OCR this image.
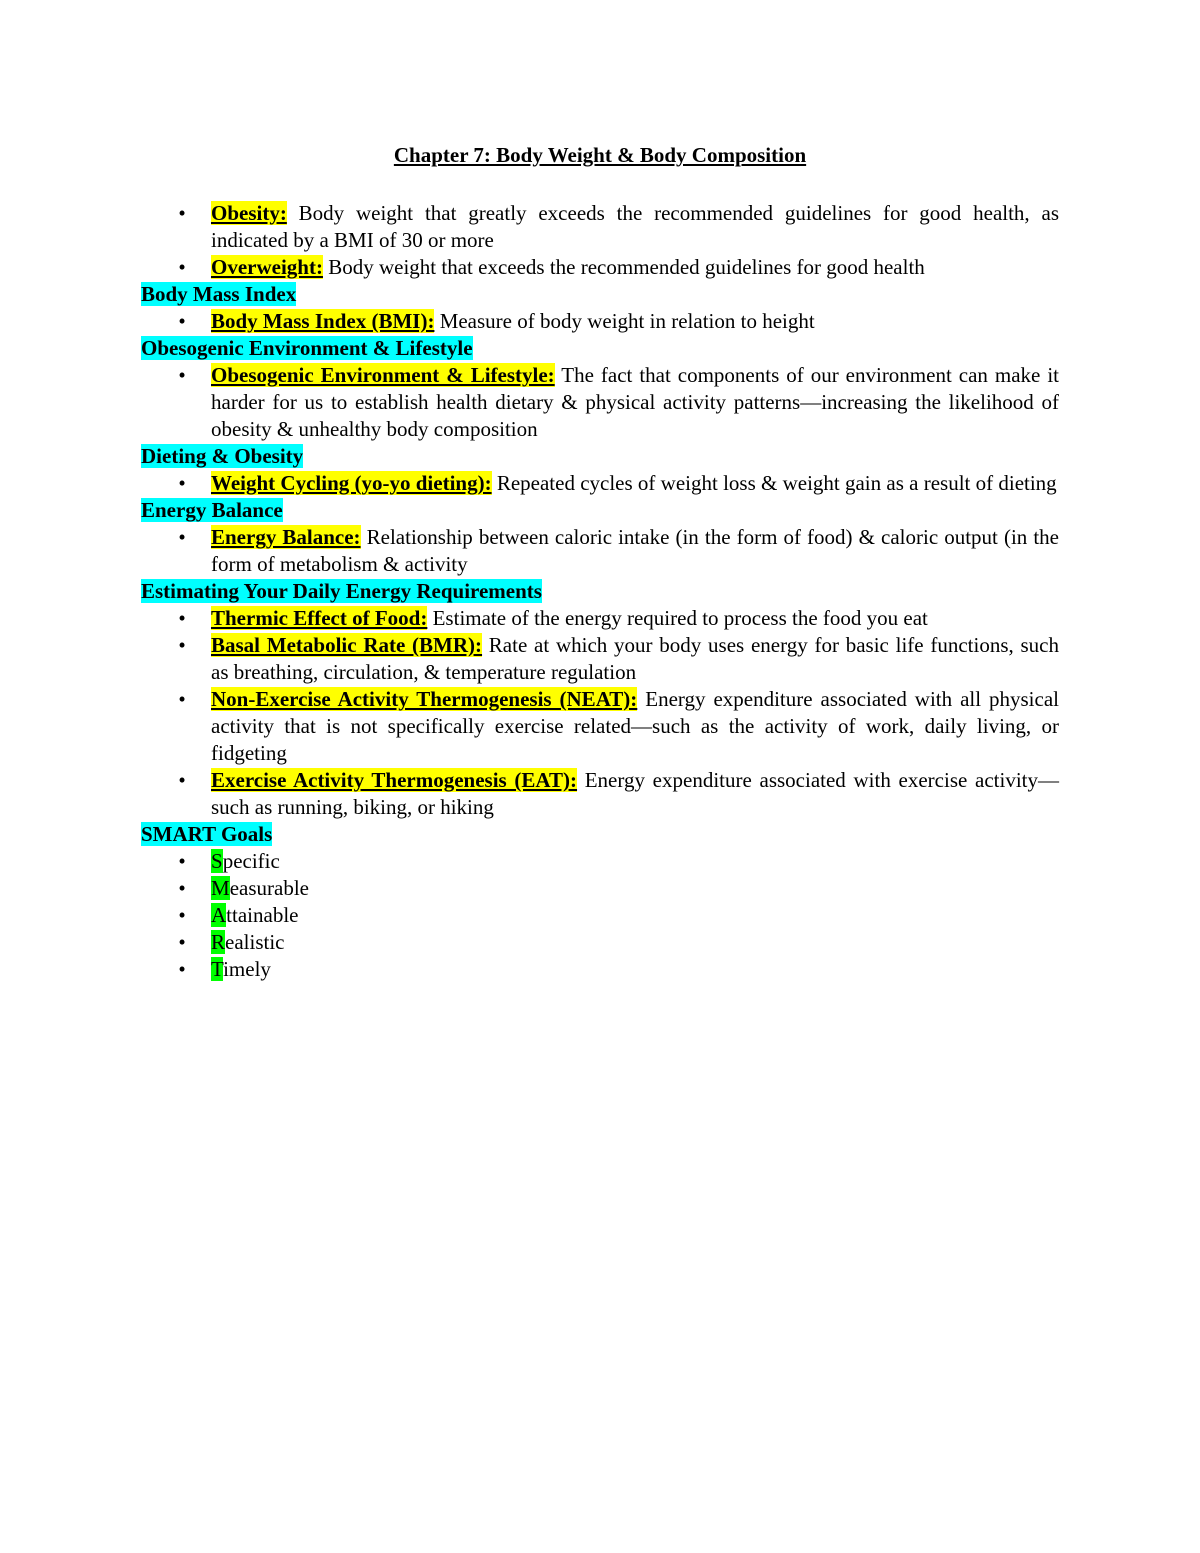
Chapter 7: Body Weight & Body Composition
• Obesity: Body weight that greatly exceeds the recommended guidelines for good health, as indicated by a BMI of 30 or more
• Overweight: Body weight that exceeds the recommended guidelines for good health
Body Mass Index
• Body Mass Index (BMI): Measure of body weight in relation to height
Obesogenic Environment & Lifestyle
• Obesogenic Environment & Lifestyle: The fact that components of our environment can make it harder for us to establish health dietary & physical activity patterns—increasing the likelihood of obesity & unhealthy body composition
Dieting & Obesity
• Weight Cycling (yo-yo dieting): Repeated cycles of weight loss & weight gain as a result of dieting
Energy Balance
• Energy Balance: Relationship between caloric intake (in the form of food) & caloric output (in the form of metabolism & activity
Estimating Your Daily Energy Requirements
• Thermic Effect of Food: Estimate of the energy required to process the food you eat
• Basal Metabolic Rate (BMR): Rate at which your body uses energy for basic life functions, such as breathing, circulation, & temperature regulation
• Non-Exercise Activity Thermogenesis (NEAT): Energy expenditure associated with all physical activity that is not specifically exercise related—such as the activity of work, daily living, or fidgeting
• Exercise Activity Thermogenesis (EAT): Energy expenditure associated with exercise activity—such as running, biking, or hiking
SMART Goals
• Specific
• Measurable
• Attainable
• Realistic
• Timely
